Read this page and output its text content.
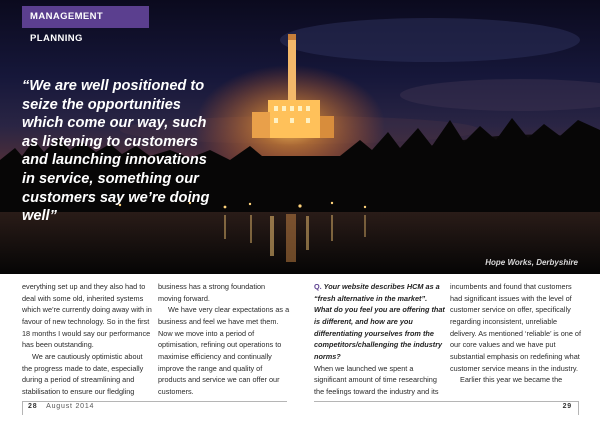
MANAGEMENT PLANNING

“We are well positioned to seize the opportunities which come our way, such as listening to customers and launching innovations in service, something our customers say we’re doing well”

Hope Works, Derbyshire

everything set up and they also had to deal with some old, inherited systems which we’re currently doing away with in favour of new technology. So in the first 18 months I would say our performance has been outstanding.

We are cautiously optimistic about the progress made to date, especially during a period of streamlining and stabilisation to ensure our fledgling

business has a strong foundation moving forward.

We have very clear expectations as a business and feel we have met them. Now we move into a period of optimisation, refining out operations to maximise efficiency and continually improve the range and quality of products and service we can offer our customers.

Q. Your website describes HCM as a “fresh alternative in the market”. What do you feel you are offering that is different, and how are you differentiating yourselves from the competitors/challenging the industry norms?

When we launched we spent a significant amount of time researching the feelings toward the industry and its

incumbents and found that customers had significant issues with the level of customer service on offer, specifically regarding inconsistent, unreliable delivery. As mentioned ‘reliable’ is one of our core values and we have put substantial emphasis on redefining what customer service means in the industry.

Earlier this year we became the

28 August 2014	29
